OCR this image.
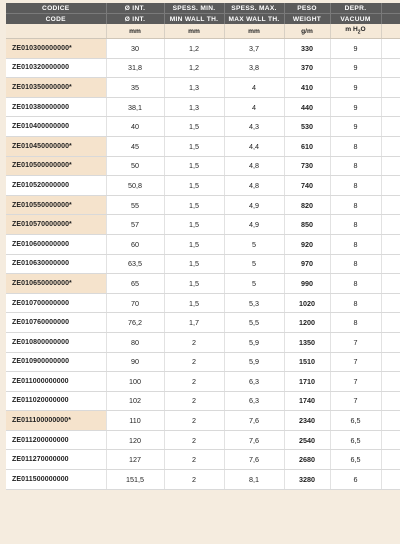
CODICE	Ø INT.	SPESS. MIN.	SPESS. MAX.	PESO	DEPR.	
CODE	Ø INT.	MIN WALL TH.	MAX WALL TH.	WEIGHT	VACUUM	
	mm	mm	mm	g/m	m $H_2O$	
ZE010300000000*	30	1,2	3,7	330	9	
ZE010320000000	31,8	1,2	3,8	370	9	
ZE010350000000*	35	1,3	4	410	9	
ZE010380000000	38,1	1,3	4	440	9	
ZE010400000000	40	1,5	4,3	530	9	
ZE010450000000*	45	1,5	4,4	610	8	
ZE010500000000*	50	1,5	4,8	730	8	
ZE010520000000	50,8	1,5	4,8	740	8	
ZE010550000000*	55	1,5	4,9	820	8	
ZE010570000000*	57	1,5	4,9	850	8	
ZE010600000000	60	1,5	5	920	8	
ZE010630000000	63,5	1,5	5	970	8	
ZE010650000000*	65	1,5	5	990	8	
ZE010700000000	70	1,5	5,3	1020	8	
ZE010760000000	76,2	1,7	5,5	1200	8	
ZE010800000000	80	2	5,9	1350	7	
ZE010900000000	90	2	5,9	1510	7	
ZE011000000000	100	2	6,3	1710	7	
ZE011020000000	102	2	6,3	1740	7	
ZE011100000000*	110	2	7,6	2340	6,5	
ZE011200000000	120	2	7,6	2540	6,5	
ZE011270000000	127	2	7,6	2680	6,5	
ZE011500000000	151,5	2	8,1	3280	6	
